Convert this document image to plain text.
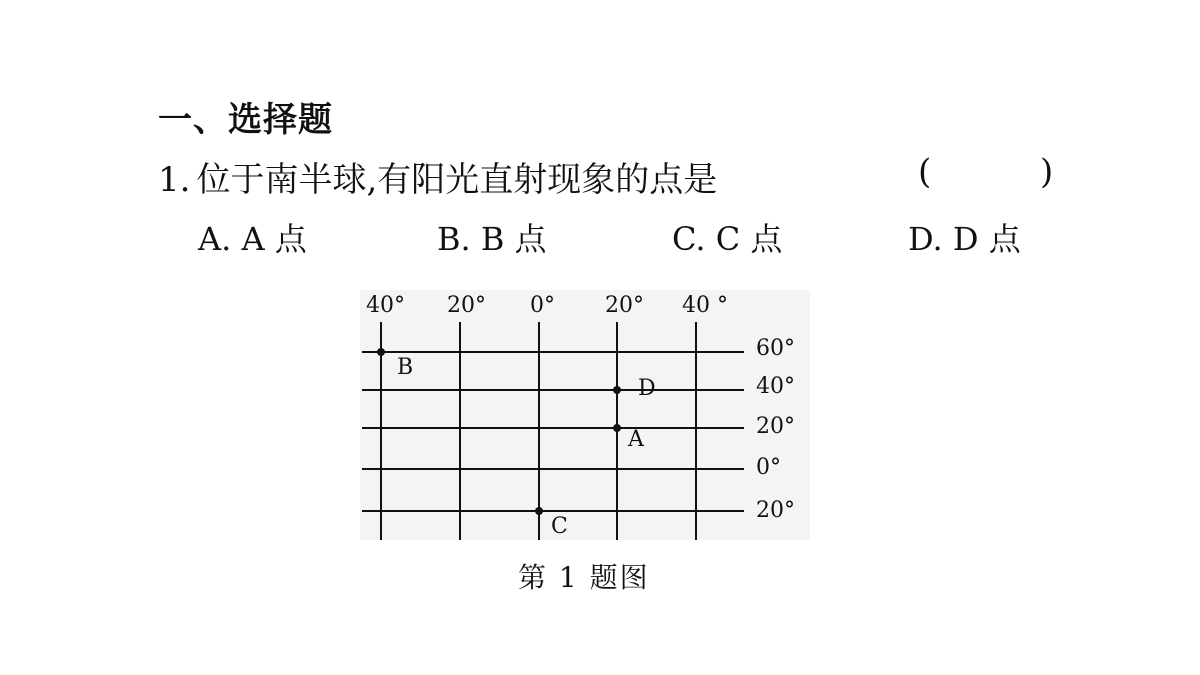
一、选择题
1. 位于南半球,有阳光直射现象的点是	(	)
A. A 点	B. B 点	C. C 点	D. D 点
40° 20° 0° 20° 40 °
60°
40°
20°
0°
20°
B
D
A
C
第 1 题图
